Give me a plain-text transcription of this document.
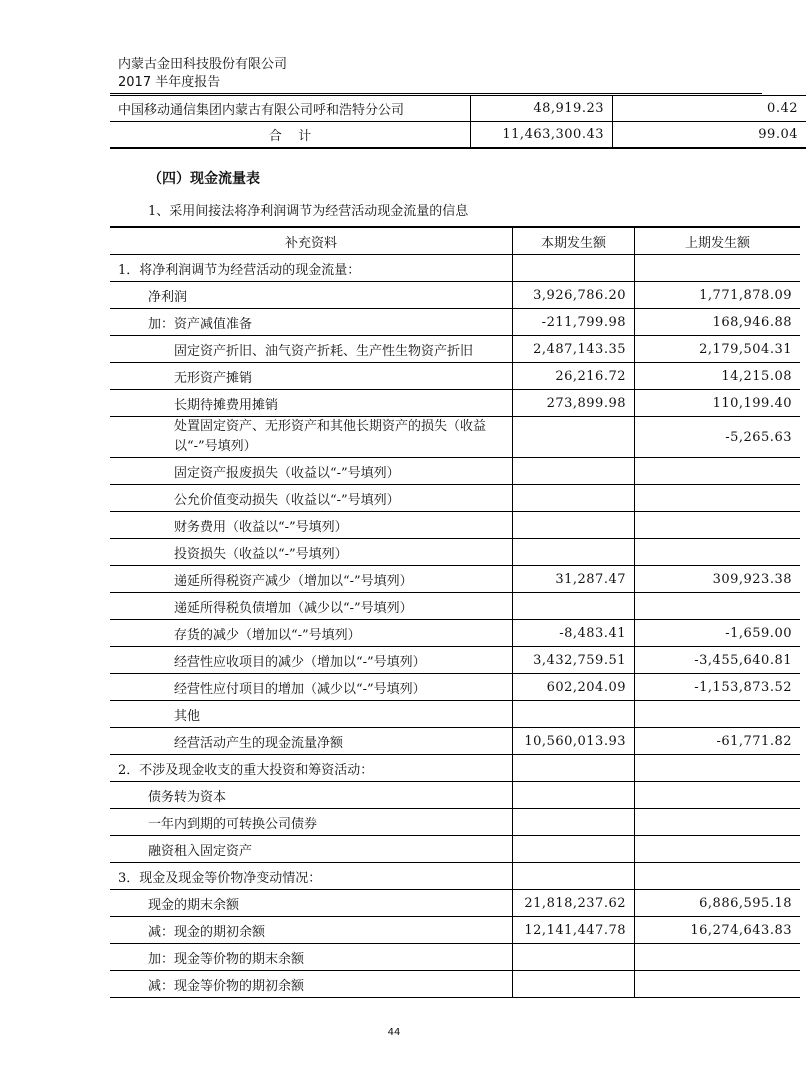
内蒙古金田科技股份有限公司
2017 半年度报告
中国移动通信集团内蒙古有限公司呼和浩特分公司	48,919.23	0.42
合    计	11,463,300.43	99.04
（四）现金流量表
1、采用间接法将净利润调节为经营活动现金流量的信息
补充资料	本期发生额	上期发生额
1．将净利润调节为经营活动的现金流量：		
净利润	3,926,786.20	1,771,878.09
加：资产减值准备	-211,799.98	168,946.88
固定资产折旧、油气资产折耗、生产性生物资产折旧	2,487,143.35	2,179,504.31
无形资产摊销	26,216.72	14,215.08
长期待摊费用摊销	273,899.98	110,199.40
处置固定资产、无形资产和其他长期资产的损失（收益以“-”号填列）		-5,265.63
固定资产报废损失（收益以“-”号填列）		
公允价值变动损失（收益以“-”号填列）		
财务费用（收益以“-”号填列）		
投资损失（收益以“-”号填列）		
递延所得税资产减少（增加以“-”号填列）	31,287.47	309,923.38
递延所得税负债增加（减少以“-”号填列）		
存货的减少（增加以“-”号填列）	-8,483.41	-1,659.00
经营性应收项目的减少（增加以“-”号填列）	3,432,759.51	-3,455,640.81
经营性应付项目的增加（减少以“-”号填列）	602,204.09	-1,153,873.52
其他		
经营活动产生的现金流量净额	10,560,013.93	-61,771.82
2．不涉及现金收支的重大投资和筹资活动：		
债务转为资本		
一年内到期的可转换公司债券		
融资租入固定资产		
3．现金及现金等价物净变动情况：		
现金的期末余额	21,818,237.62	6,886,595.18
减：现金的期初余额	12,141,447.78	16,274,643.83
加：现金等价物的期末余额		
减：现金等价物的期初余额		
44
